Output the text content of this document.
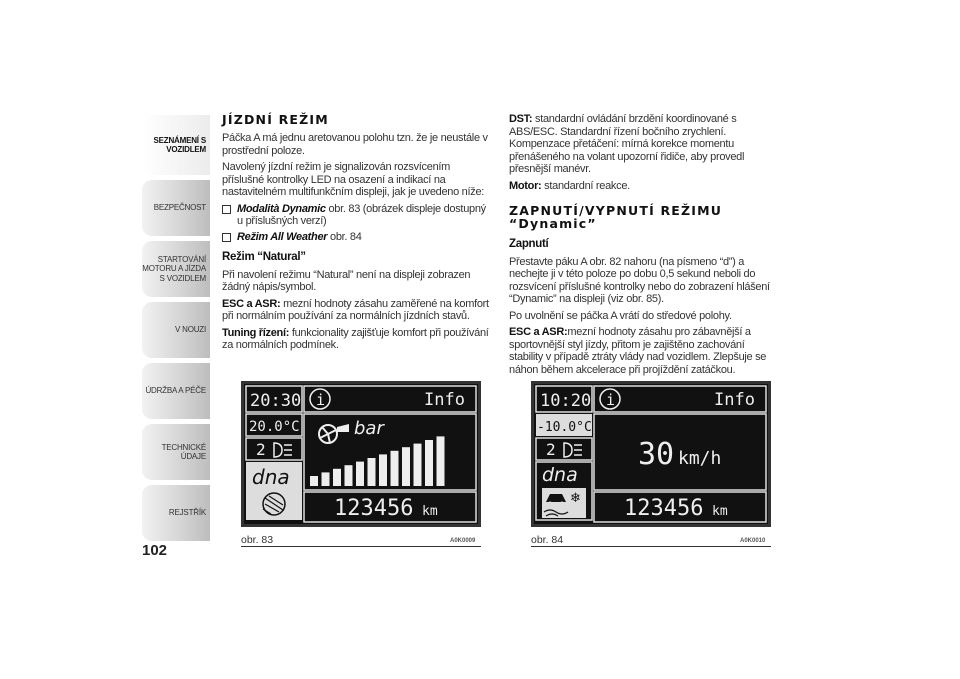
SEZNÁMENÍ S VOZIDLEM
BEZPEČNOST
STARTOVÁNÍ MOTORU A JÍZDA S VOZIDLEM
V NOUZI
ÚDRŽBA A PÉČE
TECHNICKÉ ÚDAJE
REJSTŘÍK
102
JÍZDNÍ REŽIM

Páčka A má jednu aretovanou polohu tzn. že je neustále v prostřední poloze.

Navolený jízdní režim je signalizován rozsvícením příslušné kontrolky LED na osazení a indikací na nastavitelném multifunkčním displeji, jak je uvedeno níže:

Modalità Dynamic obr. 83 (obrázek displeje dostupný u příslušných verzí)
Režim All Weather obr. 84
Režim “Natural”

Při navolení režimu “Natural” není na displeji zobrazen žádný nápis/symbol.

ESC a ASR: mezní hodnoty zásahu zaměřené na komfort při normálním používání za normálních jízdních stavů.

Tuning řízení: funkcionality zajišťuje komfort při používání za normálních podmínek.

DST: standardní ovládání brzdění koordinované s ABS/ESC. Standardní řízení bočního zrychlení. Kompenzace přetáčení: mírná korekce momentu přenášeného na volant upozorní řidiče, aby provedl přesnější manévr.

Motor: standardní reakce.

ZAPNUTÍ/VYPNUTÍ REŽIMU “Dynamic”
Zapnutí

Přestavte páku A obr. 82 nahoru (na písmeno “d”) a nechejte ji v této poloze po dobu 0,5 sekund neboli do rozsvícení příslušné kontrolky nebo do zobrazení hlášení “Dynamic” na displeji (viz obr. 85).

Po uvolnění se páčka A vrátí do středové polohy.

ESC a ASR:mezní hodnoty zásahu pro zábavnější a sportovnější styl jízdy, přitom je zajištěno zachování stability v případě ztráty vlády nad vozidlem. Zlepšuje se náhon během akcelerace při projíždění zatáčkou.

20:30
20.0°C
2
dna
i	Info
bar
123456 km
obr. 83	A0K0009
10:20
-10.0°C
2
dna
❄
i	Info
30 km/h
123456 km
obr. 84	A0K0010
